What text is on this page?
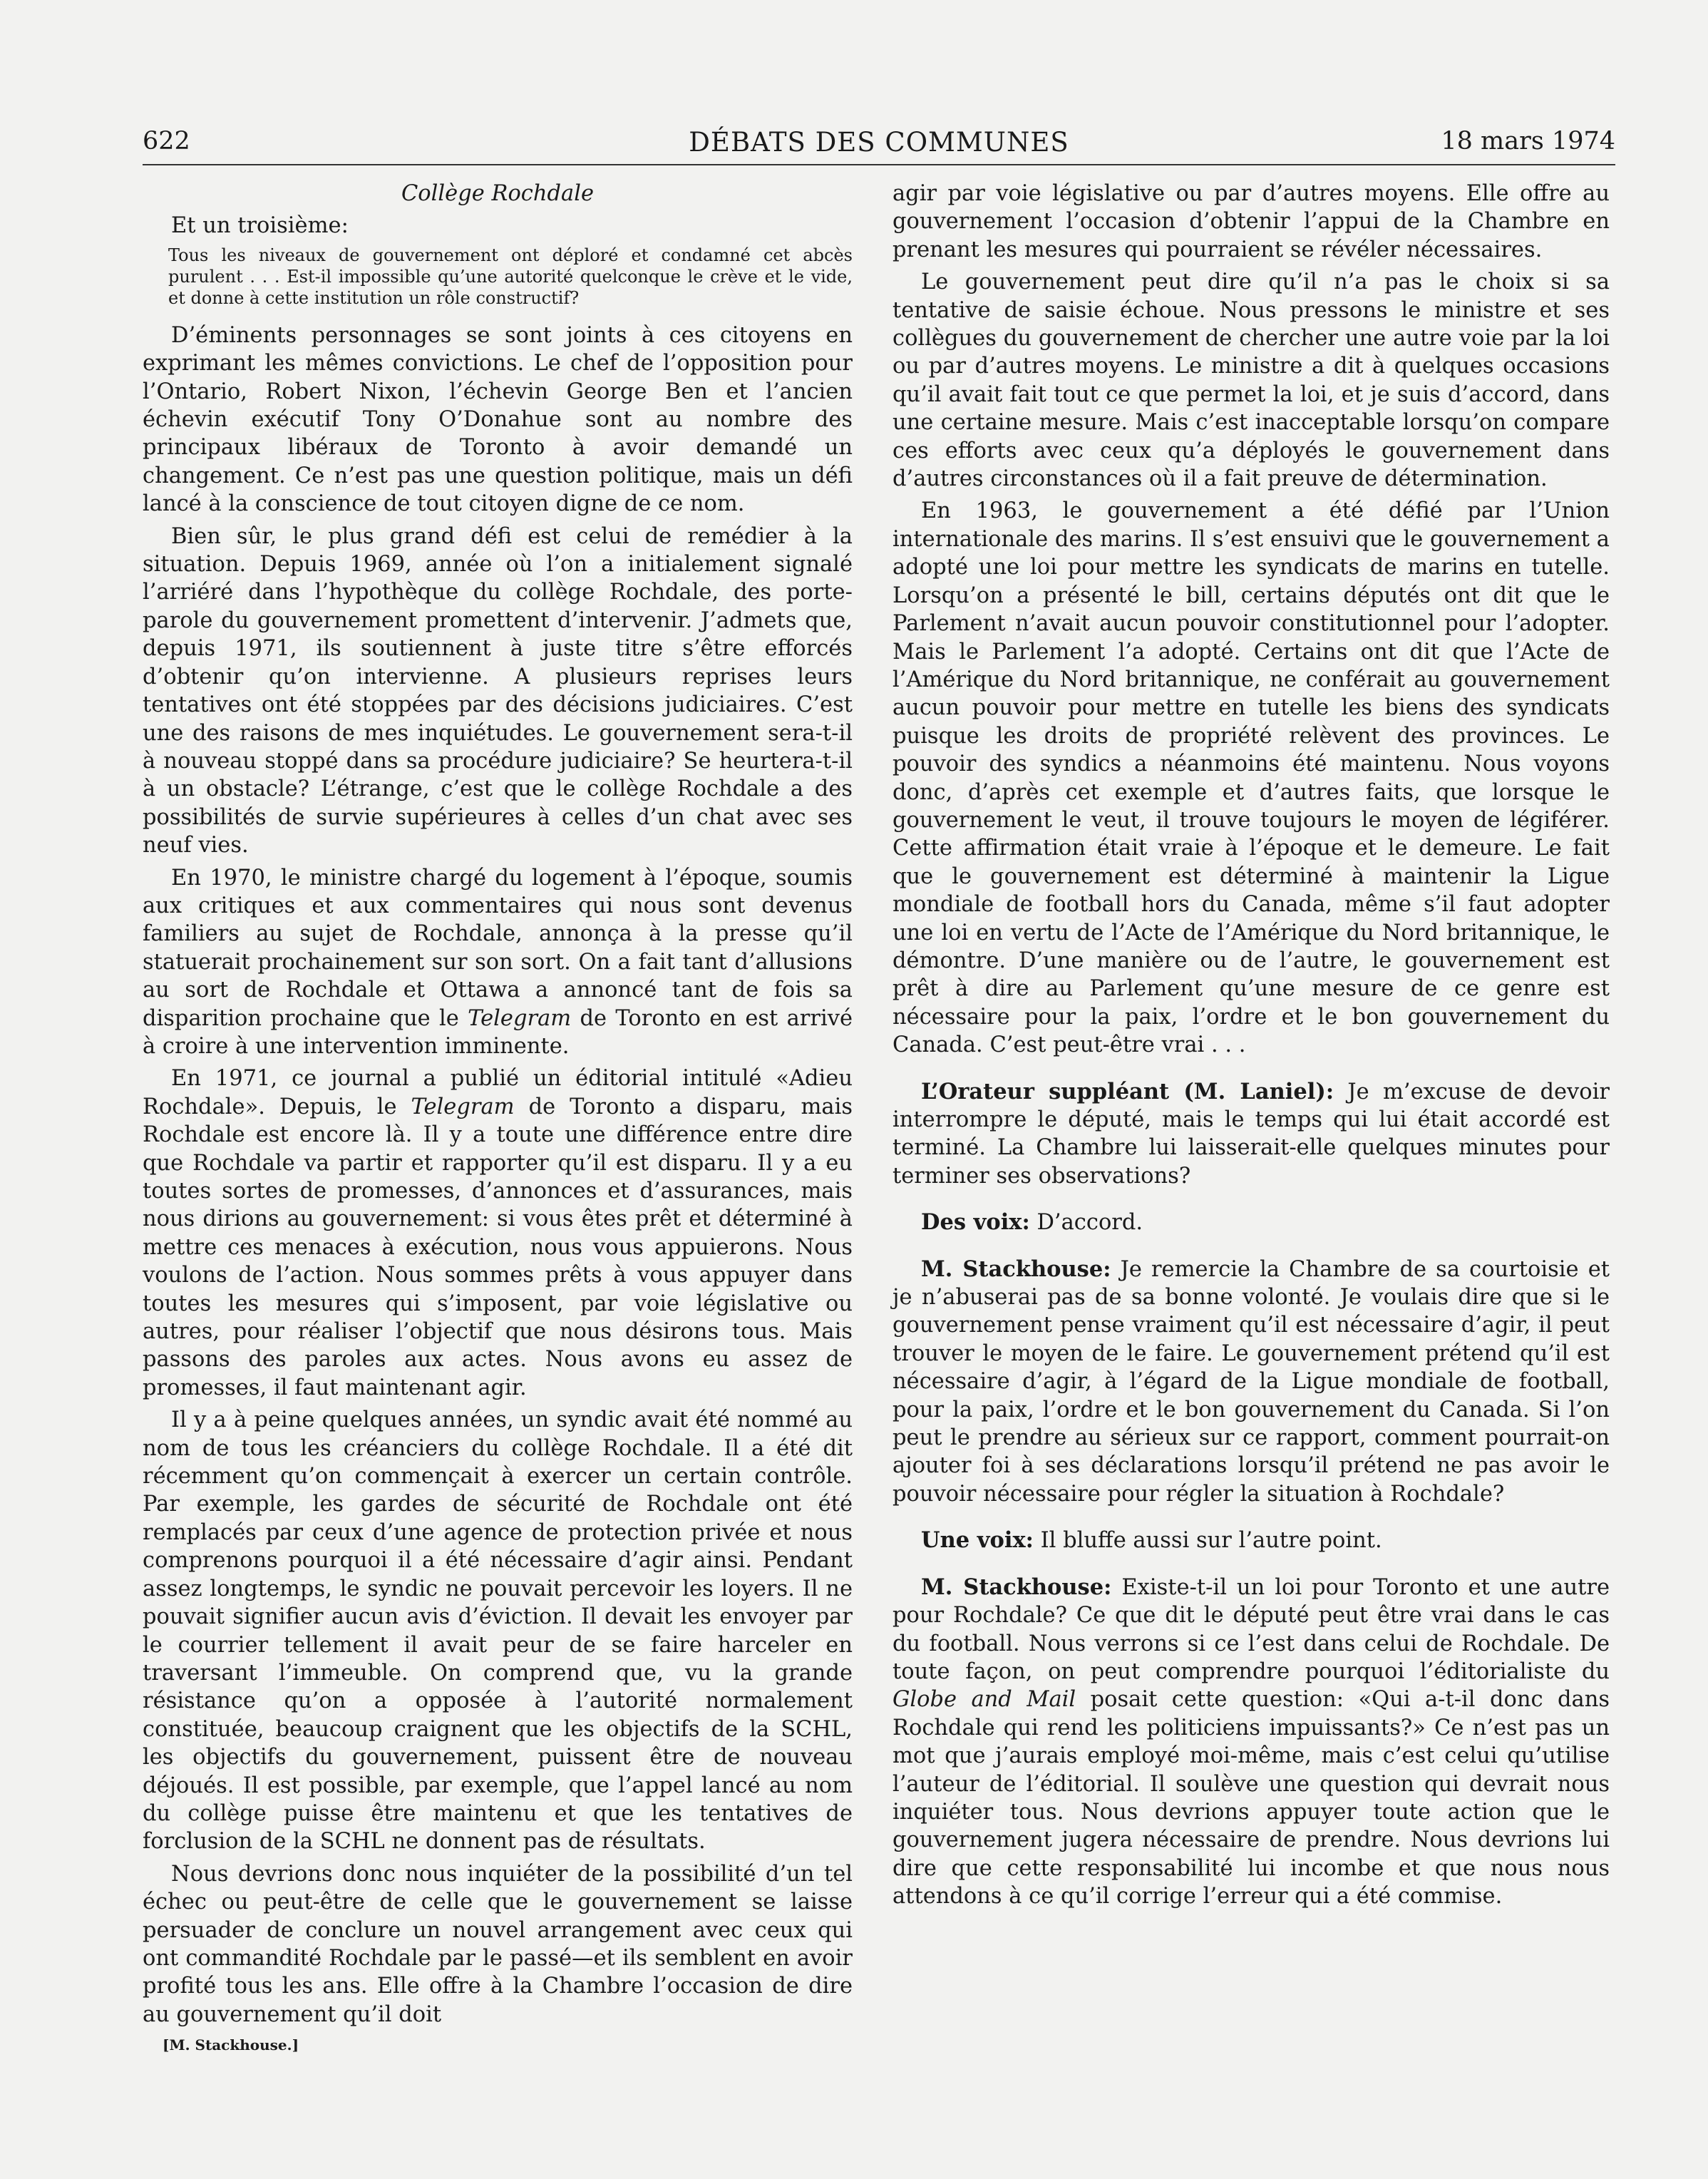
622	DÉBATS DES COMMUNES	18 mars 1974

Collège Rochdale

Et un troisième:

Tous les niveaux de gouvernement ont déploré et condamné cet abcès purulent . . . Est-il impossible qu’une autorité quelconque le crève et le vide, et donne à cette institution un rôle constructif?

D’éminents personnages se sont joints à ces citoyens en exprimant les mêmes convictions. Le chef de l’opposition pour l’Ontario, Robert Nixon, l’échevin George Ben et l’ancien échevin exécutif Tony O’Donahue sont au nombre des principaux libéraux de Toronto à avoir demandé un changement. Ce n’est pas une question politique, mais un défi lancé à la conscience de tout citoyen digne de ce nom.

Bien sûr, le plus grand défi est celui de remédier à la situation. Depuis 1969, année où l’on a initialement signalé l’arriéré dans l’hypothèque du collège Rochdale, des porte-parole du gouvernement promettent d’intervenir. J’admets que, depuis 1971, ils soutiennent à juste titre s’être efforcés d’obtenir qu’on intervienne. A plusieurs reprises leurs tentatives ont été stoppées par des décisions judiciaires. C’est une des raisons de mes inquiétudes. Le gouvernement sera-t-il à nouveau stoppé dans sa procédure judiciaire? Se heurtera-t-il à un obstacle? L’étrange, c’est que le collège Rochdale a des possibilités de survie supérieures à celles d’un chat avec ses neuf vies.

En 1970, le ministre chargé du logement à l’époque, soumis aux critiques et aux commentaires qui nous sont devenus familiers au sujet de Rochdale, annonça à la presse qu’il statuerait prochainement sur son sort. On a fait tant d’allusions au sort de Rochdale et Ottawa a annoncé tant de fois sa disparition prochaine que le Telegram de Toronto en est arrivé à croire à une intervention imminente.

En 1971, ce journal a publié un éditorial intitulé «Adieu Rochdale». Depuis, le Telegram de Toronto a disparu, mais Rochdale est encore là. Il y a toute une différence entre dire que Rochdale va partir et rapporter qu’il est disparu. Il y a eu toutes sortes de promesses, d’annonces et d’assurances, mais nous dirions au gouvernement: si vous êtes prêt et déterminé à mettre ces menaces à exécution, nous vous appuierons. Nous voulons de l’action. Nous sommes prêts à vous appuyer dans toutes les mesures qui s’imposent, par voie législative ou autres, pour réaliser l’objectif que nous désirons tous. Mais passons des paroles aux actes. Nous avons eu assez de promesses, il faut maintenant agir.

Il y a à peine quelques années, un syndic avait été nommé au nom de tous les créanciers du collège Rochdale. Il a été dit récemment qu’on commençait à exercer un certain contrôle. Par exemple, les gardes de sécurité de Rochdale ont été remplacés par ceux d’une agence de protection privée et nous comprenons pourquoi il a été nécessaire d’agir ainsi. Pendant assez longtemps, le syndic ne pouvait percevoir les loyers. Il ne pouvait signifier aucun avis d’éviction. Il devait les envoyer par le courrier tellement il avait peur de se faire harceler en traversant l’immeuble. On comprend que, vu la grande résistance qu’on a opposée à l’autorité normalement constituée, beaucoup craignent que les objectifs de la SCHL, les objectifs du gouvernement, puissent être de nouveau déjoués. Il est possible, par exemple, que l’appel lancé au nom du collège puisse être maintenu et que les tentatives de forclusion de la SCHL ne donnent pas de résultats.

Nous devrions donc nous inquiéter de la possibilité d’un tel échec ou peut-être de celle que le gouvernement se laisse persuader de conclure un nouvel arrangement avec ceux qui ont commandité Rochdale par le passé—et ils semblent en avoir profité tous les ans. Elle offre à la Chambre l’occasion de dire au gouvernement qu’il doit

[M. Stackhouse.]

agir par voie législative ou par d’autres moyens. Elle offre au gouvernement l’occasion d’obtenir l’appui de la Chambre en prenant les mesures qui pourraient se révéler nécessaires.

Le gouvernement peut dire qu’il n’a pas le choix si sa tentative de saisie échoue. Nous pressons le ministre et ses collègues du gouvernement de chercher une autre voie par la loi ou par d’autres moyens. Le ministre a dit à quelques occasions qu’il avait fait tout ce que permet la loi, et je suis d’accord, dans une certaine mesure. Mais c’est inacceptable lorsqu’on compare ces efforts avec ceux qu’a déployés le gouvernement dans d’autres circonstances où il a fait preuve de détermination.

En 1963, le gouvernement a été défié par l’Union internationale des marins. Il s’est ensuivi que le gouvernement a adopté une loi pour mettre les syndicats de marins en tutelle. Lorsqu’on a présenté le bill, certains députés ont dit que le Parlement n’avait aucun pouvoir constitutionnel pour l’adopter. Mais le Parlement l’a adopté. Certains ont dit que l’Acte de l’Amérique du Nord britannique, ne conférait au gouvernement aucun pouvoir pour mettre en tutelle les biens des syndicats puisque les droits de propriété relèvent des provinces. Le pouvoir des syndics a néanmoins été maintenu. Nous voyons donc, d’après cet exemple et d’autres faits, que lorsque le gouvernement le veut, il trouve toujours le moyen de légiférer. Cette affirmation était vraie à l’époque et le demeure. Le fait que le gouvernement est déterminé à maintenir la Ligue mondiale de football hors du Canada, même s’il faut adopter une loi en vertu de l’Acte de l’Amérique du Nord britannique, le démontre. D’une manière ou de l’autre, le gouvernement est prêt à dire au Parlement qu’une mesure de ce genre est nécessaire pour la paix, l’ordre et le bon gouvernement du Canada. C’est peut-être vrai . . .

L’Orateur suppléant (M. Laniel): Je m’excuse de devoir interrompre le député, mais le temps qui lui était accordé est terminé. La Chambre lui laisserait-elle quelques minutes pour terminer ses observations?

Des voix: D’accord.

M. Stackhouse: Je remercie la Chambre de sa courtoisie et je n’abuserai pas de sa bonne volonté. Je voulais dire que si le gouvernement pense vraiment qu’il est nécessaire d’agir, il peut trouver le moyen de le faire. Le gouvernement prétend qu’il est nécessaire d’agir, à l’égard de la Ligue mondiale de football, pour la paix, l’ordre et le bon gouvernement du Canada. Si l’on peut le prendre au sérieux sur ce rapport, comment pourrait-on ajouter foi à ses déclarations lorsqu’il prétend ne pas avoir le pouvoir nécessaire pour régler la situation à Rochdale?

Une voix: Il bluffe aussi sur l’autre point.

M. Stackhouse: Existe-t-il un loi pour Toronto et une autre pour Rochdale? Ce que dit le député peut être vrai dans le cas du football. Nous verrons si ce l’est dans celui de Rochdale. De toute façon, on peut comprendre pourquoi l’éditorialiste du Globe and Mail posait cette question: «Qui a-t-il donc dans Rochdale qui rend les politiciens impuissants?» Ce n’est pas un mot que j’aurais employé moi-même, mais c’est celui qu’utilise l’auteur de l’éditorial. Il soulève une question qui devrait nous inquiéter tous. Nous devrions appuyer toute action que le gouvernement jugera nécessaire de prendre. Nous devrions lui dire que cette responsabilité lui incombe et que nous nous attendons à ce qu’il corrige l’erreur qui a été commise.
